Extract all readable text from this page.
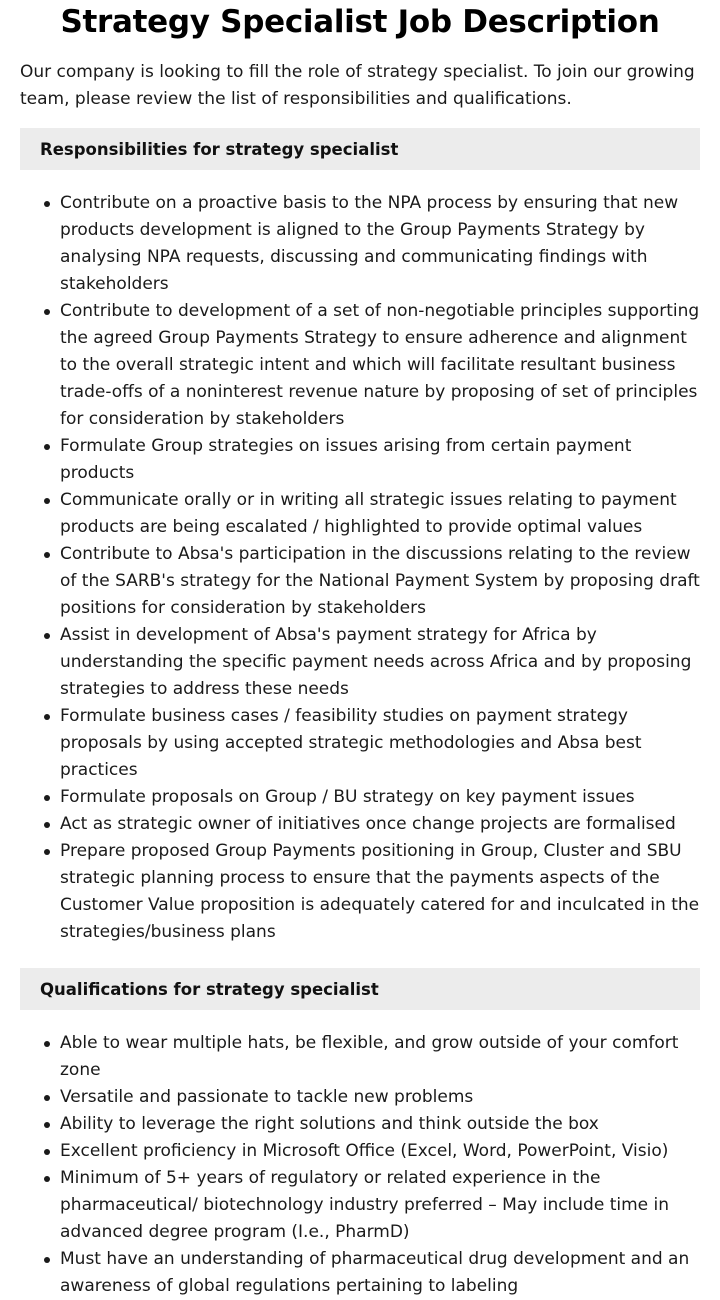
Strategy Specialist Job Description

Our company is looking to fill the role of strategy specialist. To join our growing team, please review the list of responsibilities and qualifications.

Responsibilities for strategy specialist
Contribute on a proactive basis to the NPA process by ensuring that new products development is aligned to the Group Payments Strategy by analysing NPA requests, discussing and communicating findings with stakeholders
Contribute to development of a set of non-negotiable principles supporting the agreed Group Payments Strategy to ensure adherence and alignment to the overall strategic intent and which will facilitate resultant business trade-offs of a noninterest revenue nature by proposing of set of principles for consideration by stakeholders
Formulate Group strategies on issues arising from certain payment products
Communicate orally or in writing all strategic issues relating to payment products are being escalated / highlighted to provide optimal values
Contribute to Absa's participation in the discussions relating to the review of the SARB's strategy for the National Payment System by proposing draft positions for consideration by stakeholders
Assist in development of Absa's payment strategy for Africa by understanding the specific payment needs across Africa and by proposing strategies to address these needs
Formulate business cases / feasibility studies on payment strategy proposals by using accepted strategic methodologies and Absa best practices
Formulate proposals on Group / BU strategy on key payment issues
Act as strategic owner of initiatives once change projects are formalised
Prepare proposed Group Payments positioning in Group, Cluster and SBU strategic planning process to ensure that the payments aspects of the Customer Value proposition is adequately catered for and inculcated in the strategies/business plans
Qualifications for strategy specialist
Able to wear multiple hats, be flexible, and grow outside of your comfort zone
Versatile and passionate to tackle new problems
Ability to leverage the right solutions and think outside the box
Excellent proficiency in Microsoft Office (Excel, Word, PowerPoint, Visio)
Minimum of 5+ years of regulatory or related experience in the pharmaceutical/ biotechnology industry preferred – May include time in advanced degree program (I.e., PharmD)
Must have an understanding of pharmaceutical drug development and an awareness of global regulations pertaining to labeling
